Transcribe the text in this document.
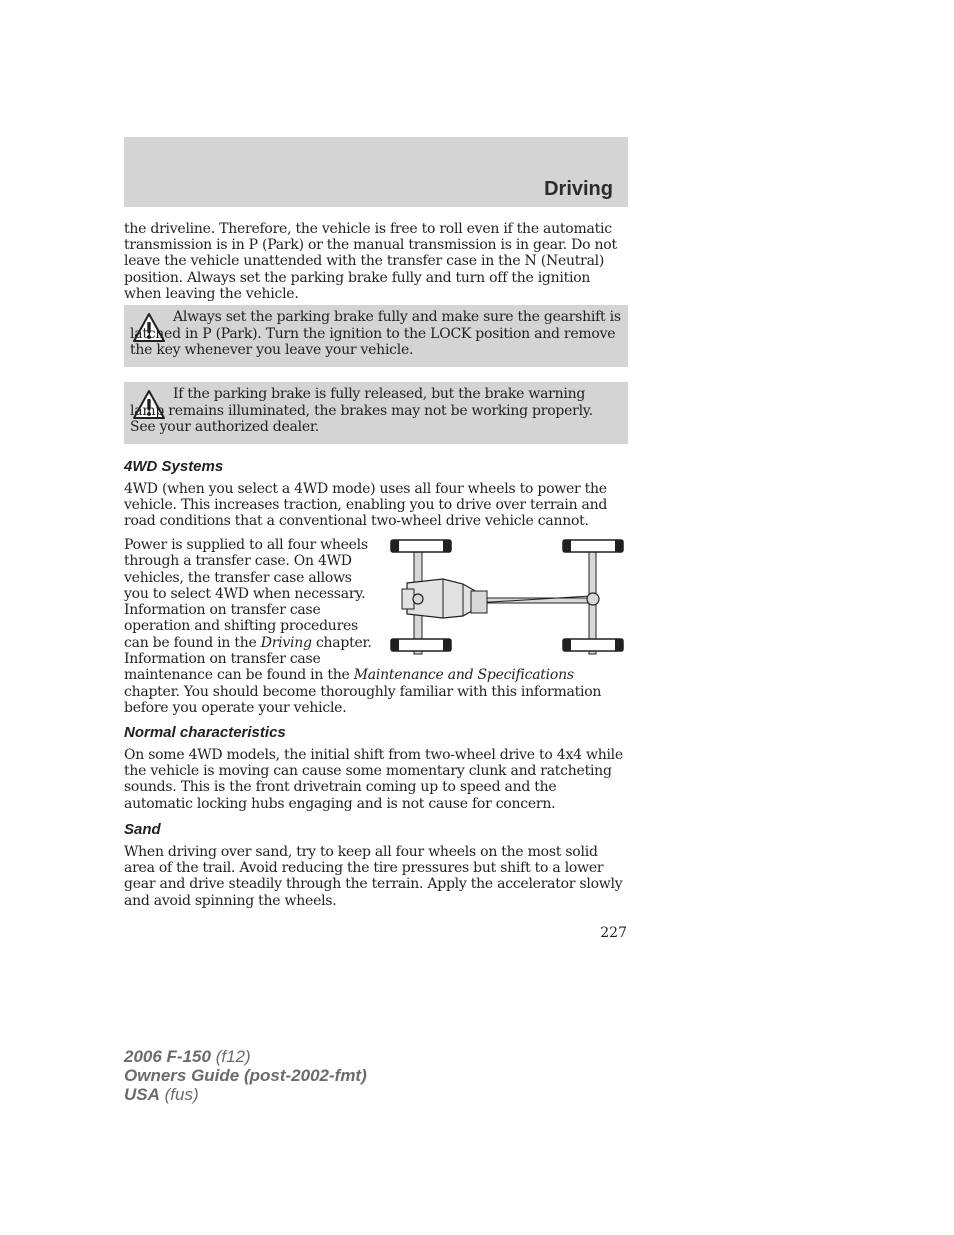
Driving

the driveline. Therefore, the vehicle is free to roll even if the automatic transmission is in P (Park) or the manual transmission is in gear. Do not leave the vehicle unattended with the transfer case in the N (Neutral) position. Always set the parking brake fully and turn off the ignition when leaving the vehicle.

Always set the parking brake fully and make sure the gearshift is latched in P (Park). Turn the ignition to the LOCK position and remove the key whenever you leave your vehicle.

If the parking brake is fully released, but the brake warning lamp remains illuminated, the brakes may not be working properly. See your authorized dealer.

4WD Systems

4WD (when you select a 4WD mode) uses all four wheels to power the vehicle. This increases traction, enabling you to drive over terrain and road conditions that a conventional two-wheel drive vehicle cannot.

Power is supplied to all four wheels through a transfer case. On 4WD vehicles, the transfer case allows you to select 4WD when necessary. Information on transfer case operation and shifting procedures can be found in the Driving chapter. Information on transfer case maintenance can be found in the Maintenance and Specifications chapter. You should become thoroughly familiar with this information before you operate your vehicle.

Normal characteristics

On some 4WD models, the initial shift from two-wheel drive to 4x4 while the vehicle is moving can cause some momentary clunk and ratcheting sounds. This is the front drivetrain coming up to speed and the automatic locking hubs engaging and is not cause for concern.

Sand

When driving over sand, try to keep all four wheels on the most solid area of the trail. Avoid reducing the tire pressures but shift to a lower gear and drive steadily through the terrain. Apply the accelerator slowly and avoid spinning the wheels.

227

2006 F-150 (f12)
Owners Guide (post-2002-fmt)
USA (fus)
